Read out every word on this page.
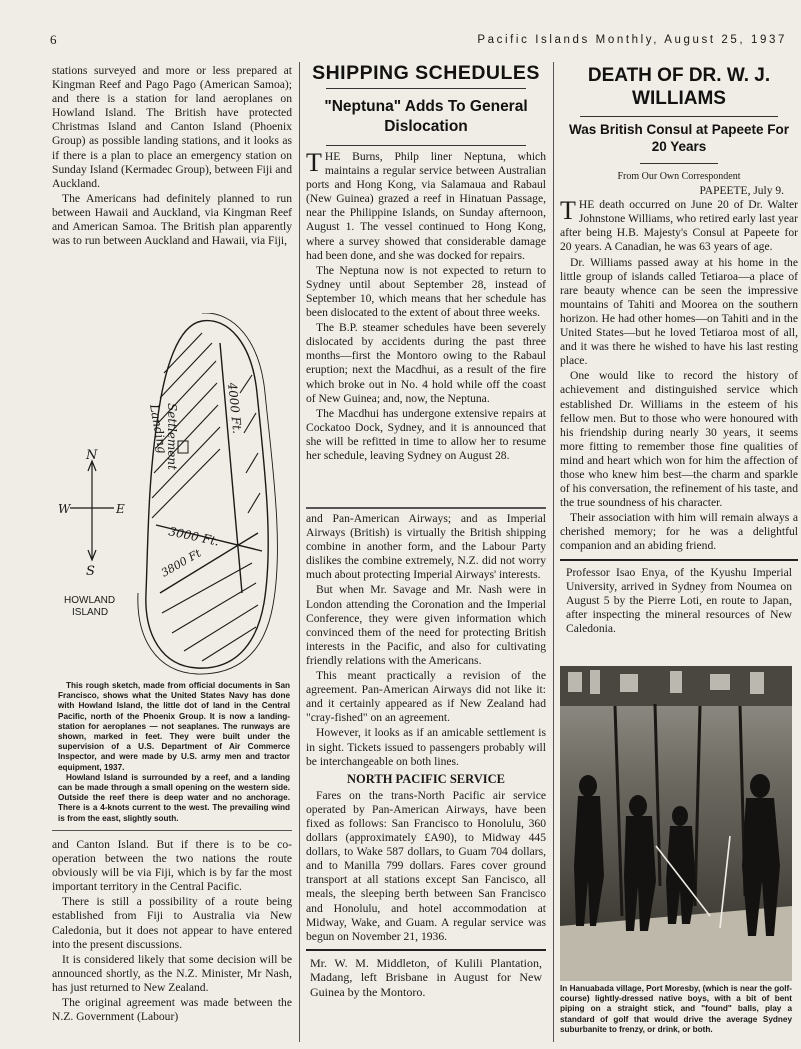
6	Pacific Islands Monthly, August 25, 1937

stations surveyed and more or less prepared at Kingman Reef and Pago Pago (American Samoa); and there is a station for land aeroplanes on Howland Island. The British have protected Christmas Island and Canton Island (Phoenix Group) as possible landing stations, and it looks as if there is a plan to place an emergency station on Sunday Island (Kermadec Group), between Fiji and Auckland.

The Americans had definitely planned to run between Hawaii and Auckland, via Kingman Reef and American Samoa. The British plan apparently was to run between Auckland and Hawaii, via Fiji,

N
S
W	E
Settlement
Landing	4000 Ft.
3000 Ft.
3800 Ft
HOWLAND
ISLAND

This rough sketch, made from official documents in San Francisco, shows what the United States Navy has done with Howland Island, the little dot of land in the Central Pacific, north of the Phoenix Group. It is now a landing-station for aeroplanes — not seaplanes. The runways are shown, marked in feet. They were built under the supervision of a U.S. Department of Air Commerce Inspector, and were made by U.S. army men and tractor equipment, 1937.

Howland Island is surrounded by a reef, and a landing can be made through a small opening on the western side. Outside the reef there is deep water and no anchorage. There is a 4-knots current to the west. The prevailing wind is from the east, slightly south.

and Canton Island. But if there is to be co-operation between the two nations the route obviously will be via Fiji, which is by far the most important territory in the Central Pacific.

There is still a possibility of a route being established from Fiji to Australia via New Caledonia, but it does not appear to have entered into the present discussions.

It is considered likely that some decision will be announced shortly, as the N.Z. Minister, Mr Nash, has just returned to New Zealand.

The original agreement was made between the N.Z. Government (Labour)

SHIPPING SCHEDULES
"Neptuna" Adds To General Dislocation

THE Burns, Philp liner Neptuna, which maintains a regular service between Australian ports and Hong Kong, via Salamaua and Rabaul (New Guinea) grazed a reef in Hinatuan Passage, near the Philippine Islands, on Sunday afternoon, August 1. The vessel continued to Hong Kong, where a survey showed that considerable damage had been done, and she was docked for repairs.

The Neptuna now is not expected to return to Sydney until about September 28, instead of September 10, which means that her schedule has been dislocated to the extent of about three weeks.

The B.P. steamer schedules have been severely dislocated by accidents during the past three months—first the Montoro owing to the Rabaul eruption; next the Macdhui, as a result of the fire which broke out in No. 4 hold while off the coast of New Guinea; and, now, the Neptuna.

The Macdhui has undergone extensive repairs at Cockatoo Dock, Sydney, and it is announced that she will be refitted in time to allow her to resume her schedule, leaving Sydney on August 28.

and Pan-American Airways; and as Imperial Airways (British) is virtually the British shipping combine in another form, and the Labour Party dislikes the combine extremely, N.Z. did not worry much about protecting Imperial Airways' interests.

But when Mr. Savage and Mr. Nash were in London attending the Coronation and the Imperial Conference, they were given information which convinced them of the need for protecting British interests in the Pacific, and also for cultivating friendly relations with the Americans.

This meant practically a revision of the agreement. Pan-American Airways did not like it: and it certainly appeared as if New Zealand had "cray-fished" on an agreement.

However, it looks as if an amicable settlement is in sight. Tickets issued to passengers probably will be interchangeable on both lines.

NORTH PACIFIC SERVICE

Fares on the trans-North Pacific air service operated by Pan-American Airways, have been fixed as follows: San Francisco to Honolulu, 360 dollars (approximately £A90), to Midway 445 dollars, to Wake 587 dollars, to Guam 704 dollars, and to Manilla 799 dollars. Fares cover ground transport at all stations except San Fancisco, all meals, the sleeping berth between San Francisco and Honolulu, and hotel accommodation at Midway, Wake, and Guam. A regular service was begun on November 21, 1936.

Mr. W. M. Middleton, of Kulili Plantation, Madang, left Brisbane in August for New Guinea by the Montoro.

DEATH OF DR. W. J. WILLIAMS
Was British Consul at Papeete For 20 Years
From Our Own Correspondent
PAPEETE, July 9.

THE death occurred on June 20 of Dr. Walter Johnstone Williams, who retired early last year after being H.B. Majesty's Consul at Papeete for 20 years. A Canadian, he was 63 years of age.

Dr. Williams passed away at his home in the little group of islands called Tetiaroa—a place of rare beauty whence can be seen the impressive mountains of Tahiti and Moorea on the southern horizon. He had other homes—on Tahiti and in the United States—but he loved Tetiaroa most of all, and it was there he wished to have his last resting place.

One would like to record the history of achievement and distinguished service which established Dr. Williams in the esteem of his fellow men. But to those who were honoured with his friendship during nearly 30 years, it seems more fitting to remember those fine qualities of mind and heart which won for him the affection of those who knew him best—the charm and sparkle of his conversation, the refinement of his taste, and the true soundness of his character.

Their association with him will remain always a cherished memory; for he was a delightful companion and an abiding friend.

Professor Isao Enya, of the Kyushu Imperial University, arrived in Sydney from Noumea on August 5 by the Pierre Loti, en route to Japan, after inspecting the mineral resources of New Caledonia.

In Hanuabada village, Port Moresby, (which is near the golf-course) lightly-dressed native boys, with a bit of bent piping on a straight stick, and "found" balls, play a standard of golf that would drive the average Sydney suburbanite to frenzy, or drink, or both.
